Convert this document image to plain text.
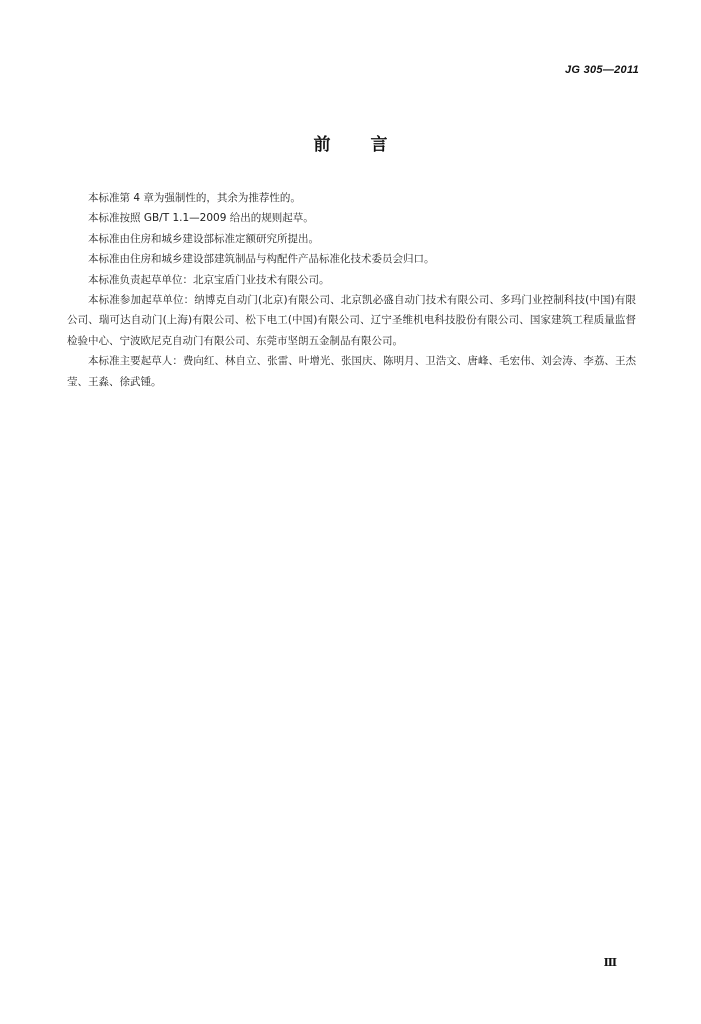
JG 305—2011
前言

本标准第 4 章为强制性的，其余为推荐性的。

本标准按照 GB/T 1.1—2009 给出的规则起草。

本标准由住房和城乡建设部标准定额研究所提出。

本标准由住房和城乡建设部建筑制品与构配件产品标准化技术委员会归口。

本标准负责起草单位：北京宝盾门业技术有限公司。

本标准参加起草单位：纳博克自动门(北京)有限公司、北京凯必盛自动门技术有限公司、多玛门业控制科技(中国)有限公司、瑞可达自动门(上海)有限公司、松下电工(中国)有限公司、辽宁圣维机电科技股份有限公司、国家建筑工程质量监督检验中心、宁波欧尼克自动门有限公司、东莞市坚朗五金制品有限公司。

本标准主要起草人：费向红、林自立、张雷、叶增光、张国庆、陈明月、卫浩文、唐峰、毛宏伟、刘会涛、李荔、王杰莹、王淼、徐武锺。

Ⅲ
